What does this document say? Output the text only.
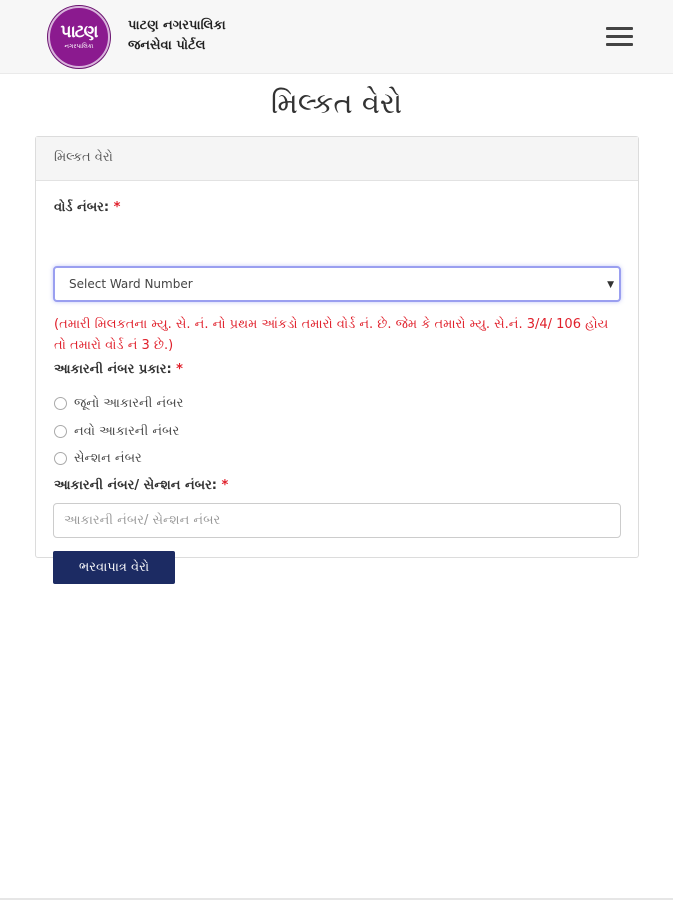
પાટણ
નગરપાલિકા
પાટણ નગરપાલિકા
જનસેવા પોર્ટલ
મિલ્કત વેરો
મિલ્કત વેરો
વોર્ડ નંબર: *
Select Ward Number	▼
(તમારી મિલકતના મ્યુ. સે. નં. નો પ્રથમ આંકડો તમારો વોર્ડ નં. છે. જેમ કે તમારો મ્યુ. સે.નં. 3/4/ 106 હોય તો તમારો વોર્ડ નં 3 છે.)
આકારની નંબર પ્રકાર: *
જૂનો આકારની નંબર
નવો આકારની નંબર
સેન્શન નંબર
આકારની નંબર/ સેન્શન નંબર: *
આકારની નંબર/ સેન્શન નંબર
ભરવાપાત્ર વેરો
